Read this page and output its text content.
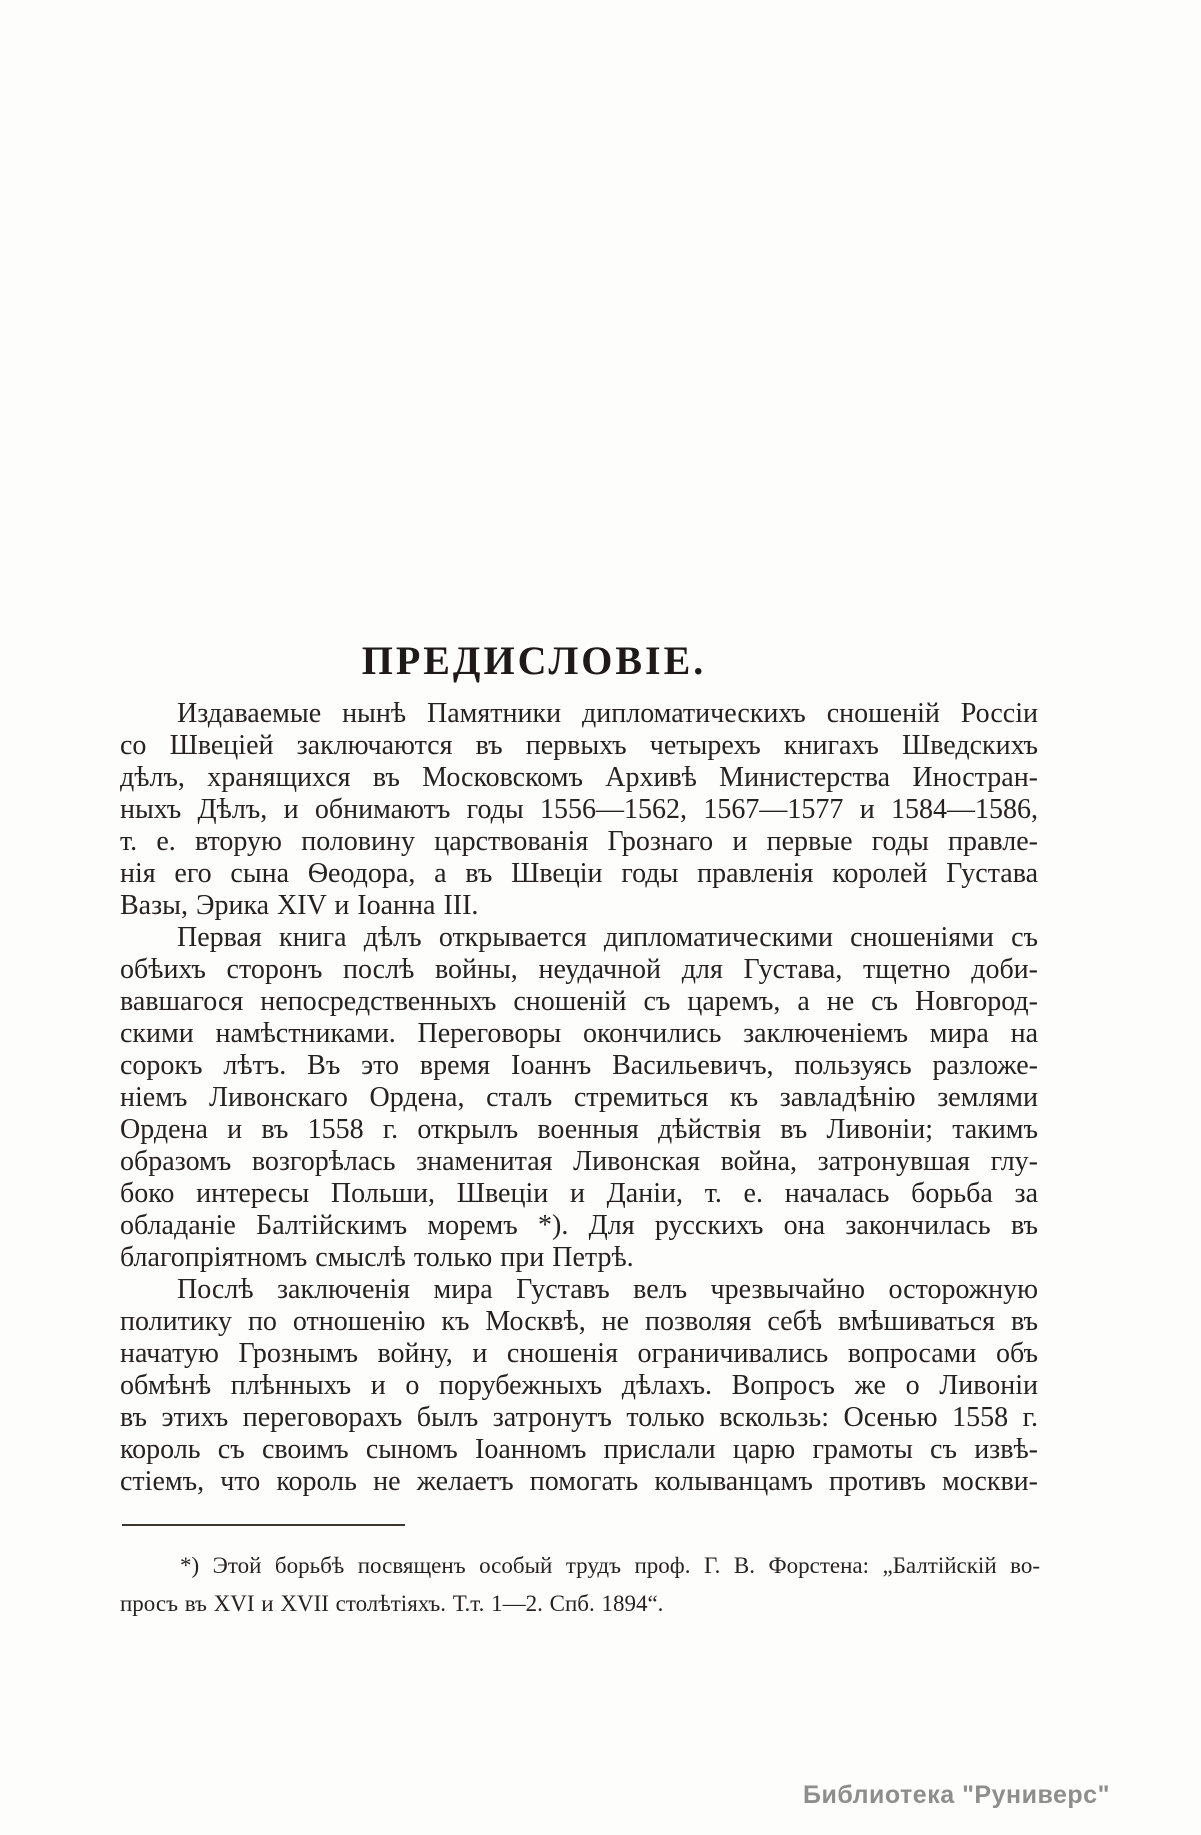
ПРЕДИСЛОВІЕ.
Издаваемые нынѣ Памятники дипломатическихъ сношеній Россіи
со Швеціей заключаются въ первыхъ четырехъ книгахъ Шведскихъ
дѣлъ, хранящихся въ Московскомъ Архивѣ Министерства Иностран-
ныхъ Дѣлъ, и обнимаютъ годы 1556—1562, 1567—1577 и 1584—1586,
т. е. вторую половину царствованія Грознаго и первые годы правле-
нія его сына Ѳеодора, а въ Швеціи годы правленія королей Густава
Вазы, Эрика XIV и Іоанна III.
Первая книга дѣлъ открывается дипломатическими сношеніями съ
обѣихъ сторонъ послѣ войны, неудачной для Густава, тщетно доби-
вавшагося непосредственныхъ сношеній съ царемъ, а не съ Новгород-
скими намѣстниками. Переговоры окончились заключеніемъ мира на
сорокъ лѣтъ. Въ это время Іоаннъ Васильевичъ, пользуясь разложе-
ніемъ Ливонскаго Ордена, сталъ стремиться къ завладѣнію землями
Ордена и въ 1558 г. открылъ военныя дѣйствія въ Ливоніи; такимъ
образомъ возгорѣлась знаменитая Ливонская война, затронувшая глу-
боко интересы Польши, Швеціи и Даніи, т. е. началась борьба за
обладаніе Балтійскимъ моремъ *). Для русскихъ она закончилась въ
благопріятномъ смыслѣ только при Петрѣ.
Послѣ заключенія мира Густавъ велъ чрезвычайно осторожную
политику по отношенію къ Москвѣ, не позволяя себѣ вмѣшиваться въ
начатую Грознымъ войну, и сношенія ограничивались вопросами объ
обмѣнѣ плѣнныхъ и о порубежныхъ дѣлахъ. Вопросъ же о Ливоніи
въ этихъ переговорахъ былъ затронутъ только вскользь: Осенью 1558 г.
король съ своимъ сыномъ Іоанномъ прислали царю грамоты съ извѣ-
стіемъ, что король не желаетъ помогать колыванцамъ противъ москви-
*) Этой борьбѣ посвященъ особый трудъ проф. Г. В. Форстена: „Балтійскій во-
просъ въ XVI и XVII столѣтіяхъ. Т.т. 1—2. Спб. 1894“.
Библиотека "Руниверс"
